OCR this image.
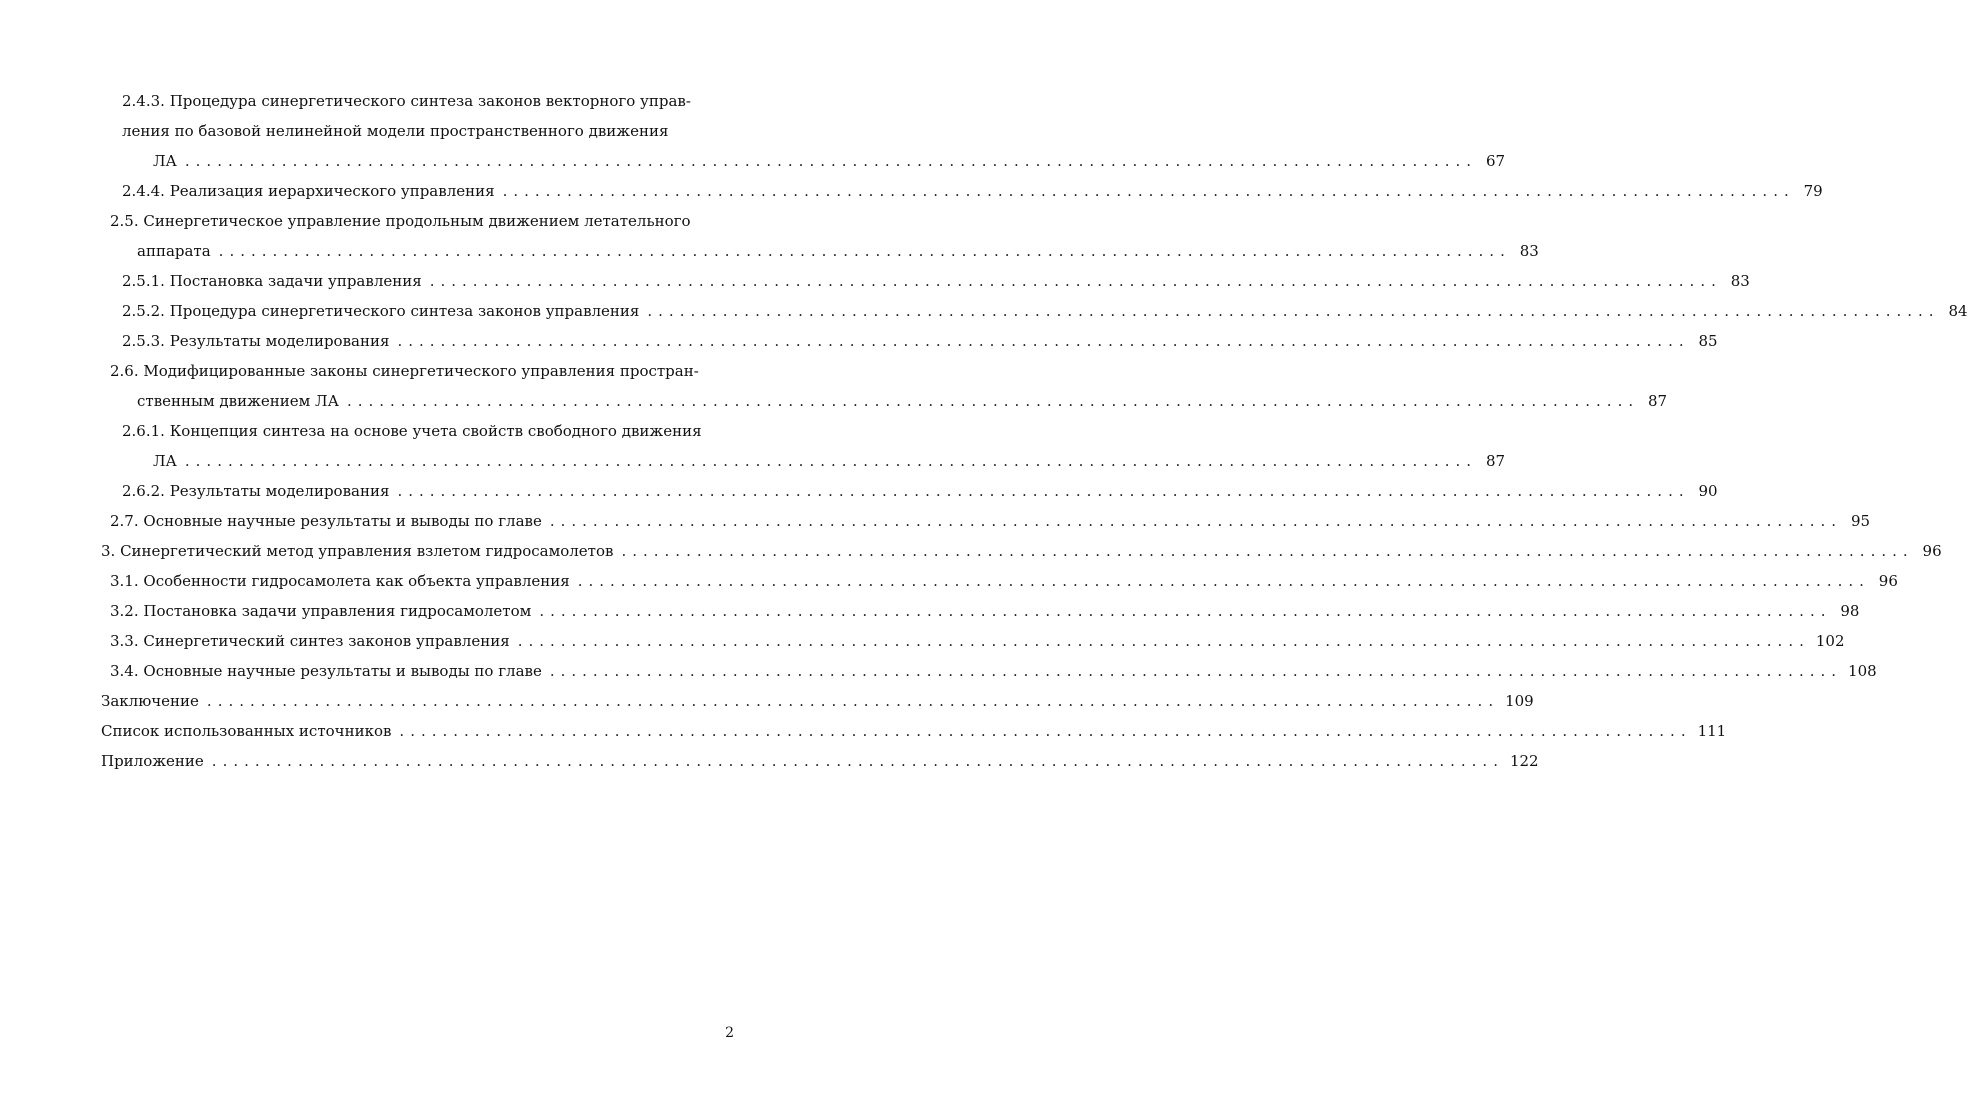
2.4.3. Процедура синергетического синтеза законов векторного управ-
ления по базовой нелинейной модели пространственного движения
ЛА ........................................................................................................................ 67
2.4.4. Реализация иерархического управления ........................................................................................................................ 79
2.5. Синергетическое управление продольным движением летательного
аппарата ........................................................................................................................ 83
2.5.1. Постановка задачи управления ........................................................................................................................ 83
2.5.2. Процедура синергетического синтеза законов управления ........................................................................................................................ 84
2.5.3. Результаты моделирования ........................................................................................................................ 85
2.6. Модифицированные законы синергетического управления простран-
ственным движением ЛА ........................................................................................................................ 87
2.6.1. Концепция синтеза на основе учета свойств свободного движения
ЛА ........................................................................................................................ 87
2.6.2. Результаты моделирования ........................................................................................................................ 90
2.7. Основные научные результаты и выводы по главе ........................................................................................................................ 95
3. Синергетический метод управления взлетом гидросамолетов ........................................................................................................................ 96
3.1. Особенности гидросамолета как объекта управления ........................................................................................................................ 96
3.2. Постановка задачи управления гидросамолетом ........................................................................................................................ 98
3.3. Синергетический синтез законов управления ........................................................................................................................ 102
3.4. Основные научные результаты и выводы по главе ........................................................................................................................ 108
Заключение ........................................................................................................................ 109
Список использованных источников ........................................................................................................................ 111
Приложение ........................................................................................................................ 122
2
